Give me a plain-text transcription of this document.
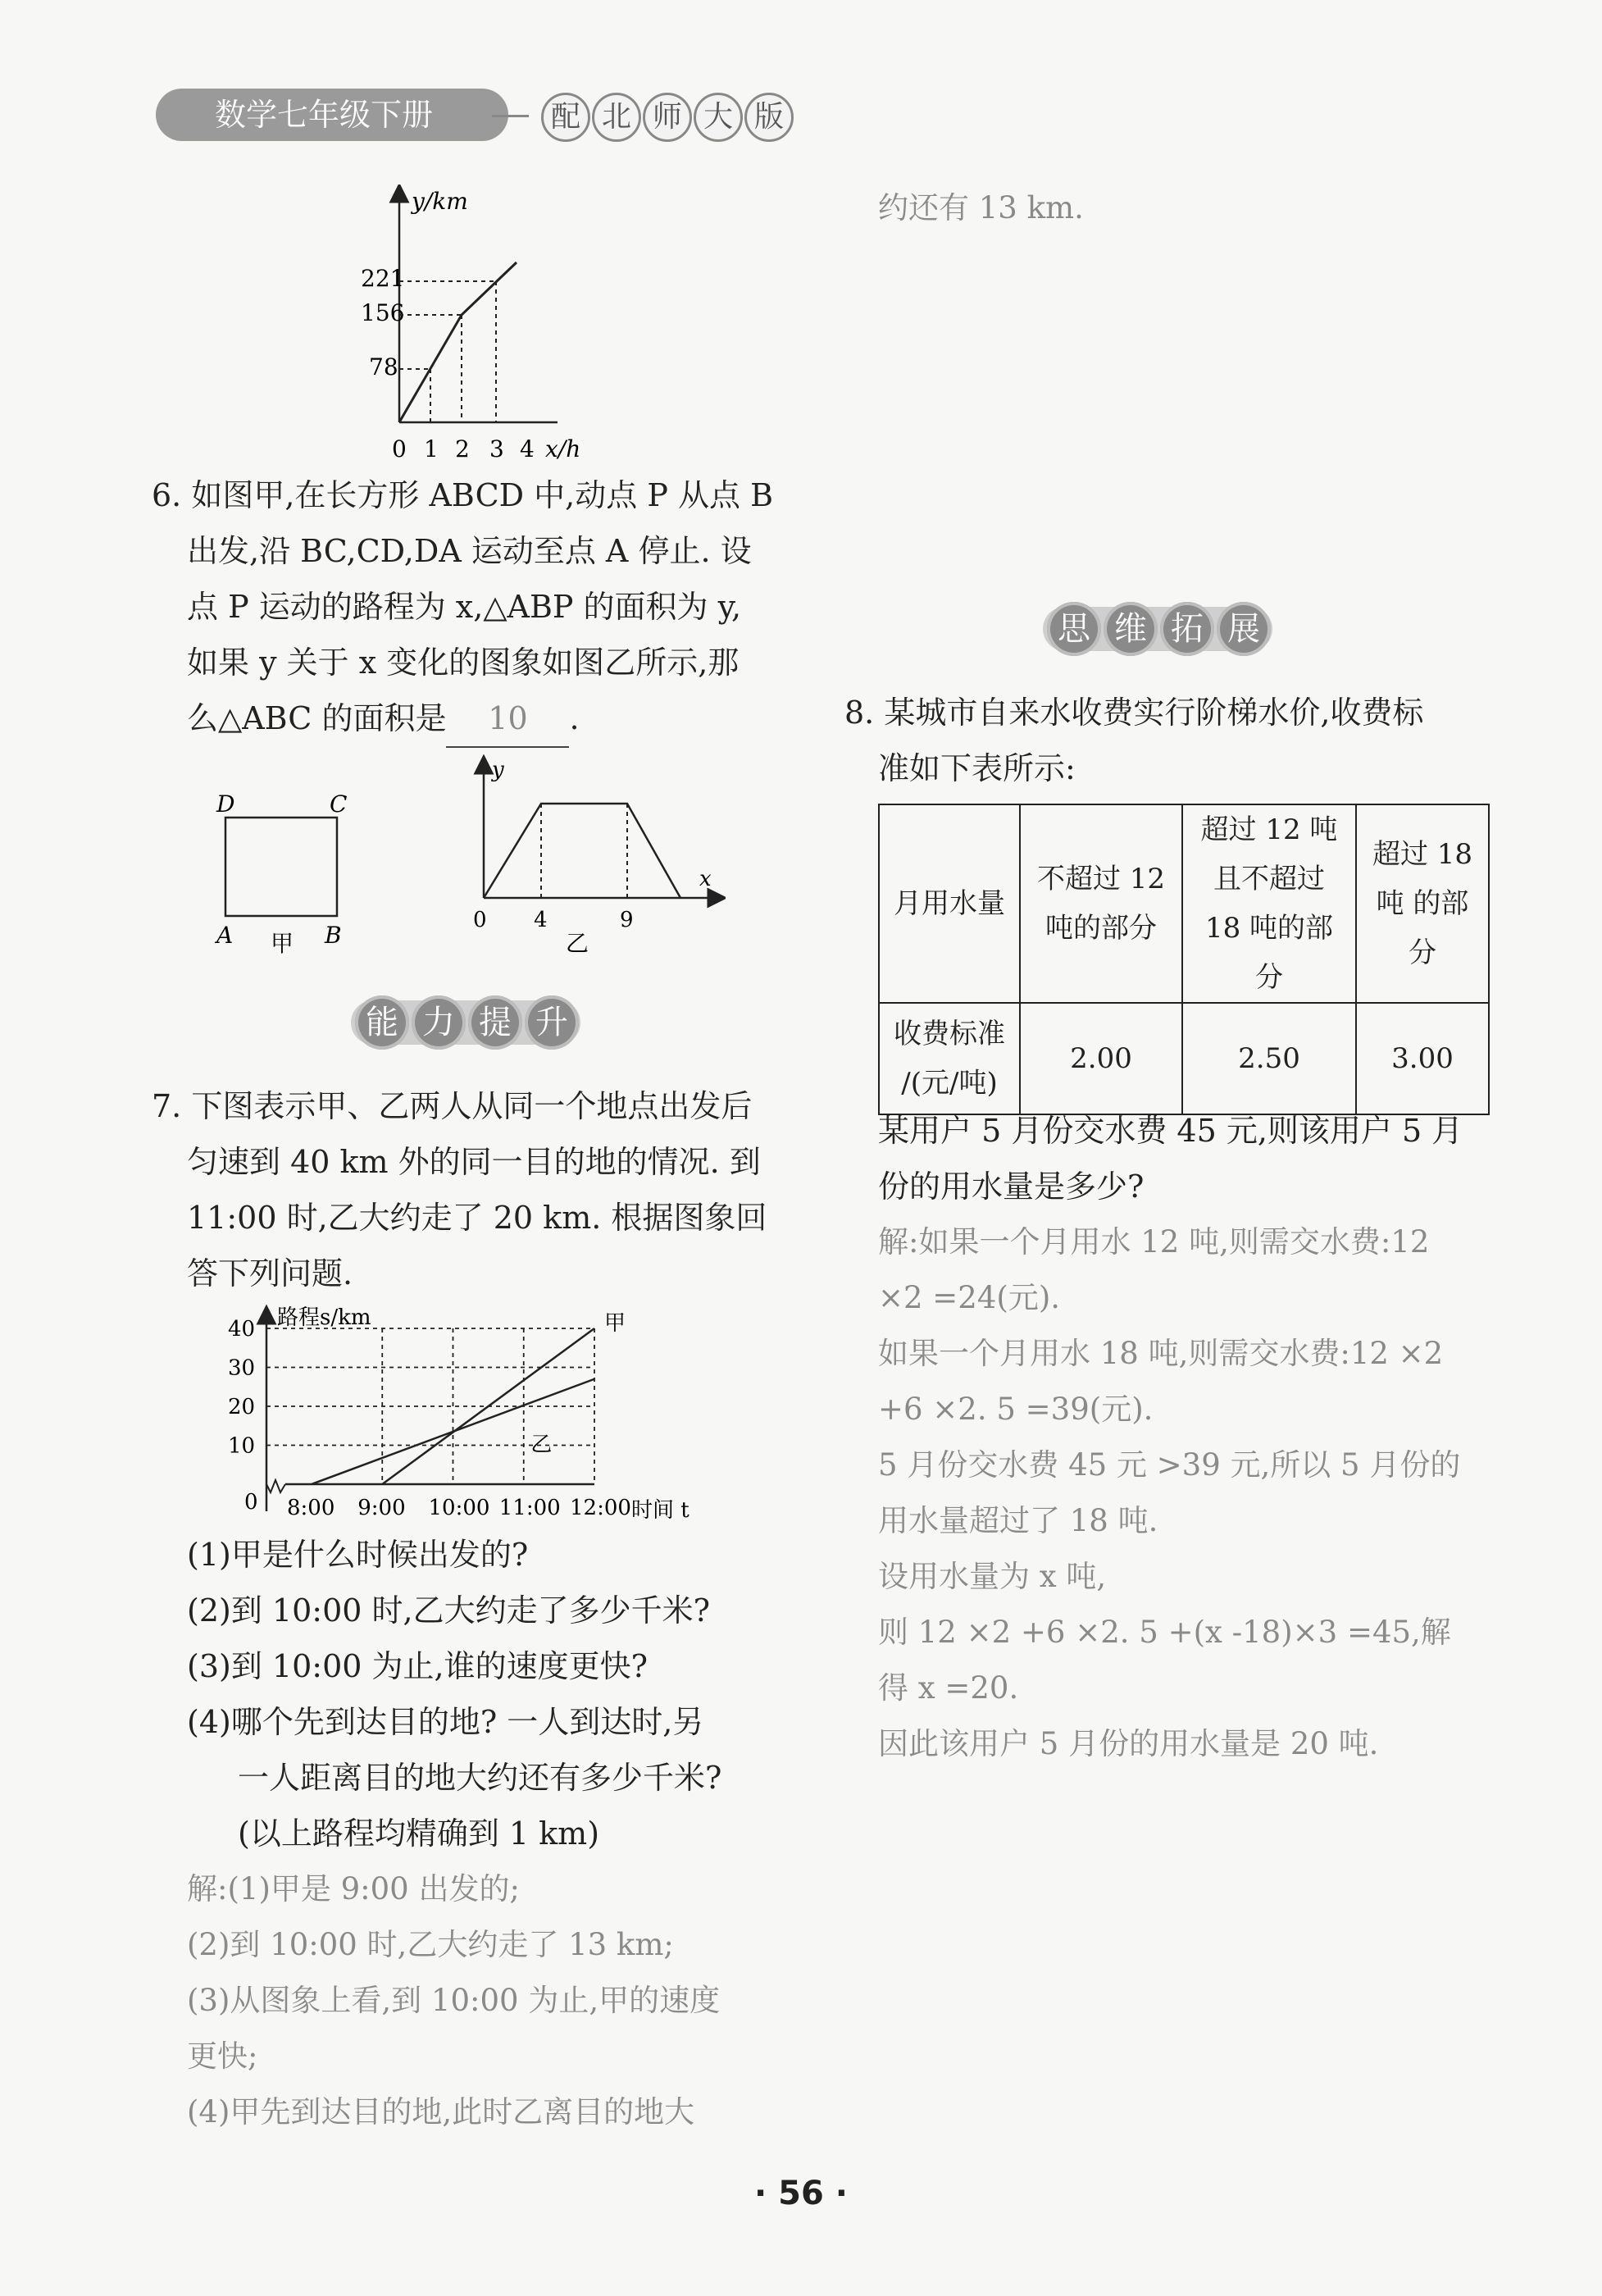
数学七年级下册	配 北 师 大 版
y/km
221
156
78
0 1 2 3 4 x/h
6. 如图甲,在长方形 ABCD 中,动点 P 从点 B
出发,沿 BC,CD,DA 运动至点 A 停止. 设
点 P 运动的路程为 x,△ABP 的面积为 y,
如果 y 关于 x 变化的图象如图乙所示,那
么△ABC 的面积是 10 .
D	C
A	B
甲
y
x
0 4	9
乙
能 力 提 升
7. 下图表示甲、乙两人从同一个地点出发后
匀速到 40 km 外的同一目的地的情况. 到
11:00 时,乙大约走了 20 km. 根据图象回
答下列问题.
路程s/km
时间 t
0
40
30
20
10
8:00 9:00 10:00 11:00 12:00
甲
乙
(1)甲是什么时候出发的?
(2)到 10:00 时,乙大约走了多少千米?
(3)到 10:00 为止,谁的速度更快?
(4)哪个先到达目的地? 一人到达时,另
一人距离目的地大约还有多少千米?
(以上路程均精确到 1 km)
解:(1)甲是 9:00 出发的;
(2)到 10:00 时,乙大约走了 13 km;
(3)从图象上看,到 10:00 为止,甲的速度
更快;
(4)甲先到达目的地,此时乙离目的地大
约还有 13 km.
思 维 拓 展
8. 某城市自来水收费实行阶梯水价,收费标
准如下表所示:
月用水量	不超过 12 吨的部分	超过 12 吨 且不超过 18 吨的部分	超过 18 吨 的部分
收费标准 /(元/吨)	2.00	2.50	3.00
某用户 5 月份交水费 45 元,则该用户 5 月
份的用水量是多少?
解:如果一个月用水 12 吨,则需交水费:12
×2 =24(元).
如果一个月用水 18 吨,则需交水费:12 ×2
+6 ×2. 5 =39(元).
5 月份交水费 45 元 >39 元,所以 5 月份的
用水量超过了 18 吨.
设用水量为 x 吨,
则 12 ×2 +6 ×2. 5 +(x -18)×3 =45,解
得 x =20.
因此该用户 5 月份的用水量是 20 吨.
· 56 ·
